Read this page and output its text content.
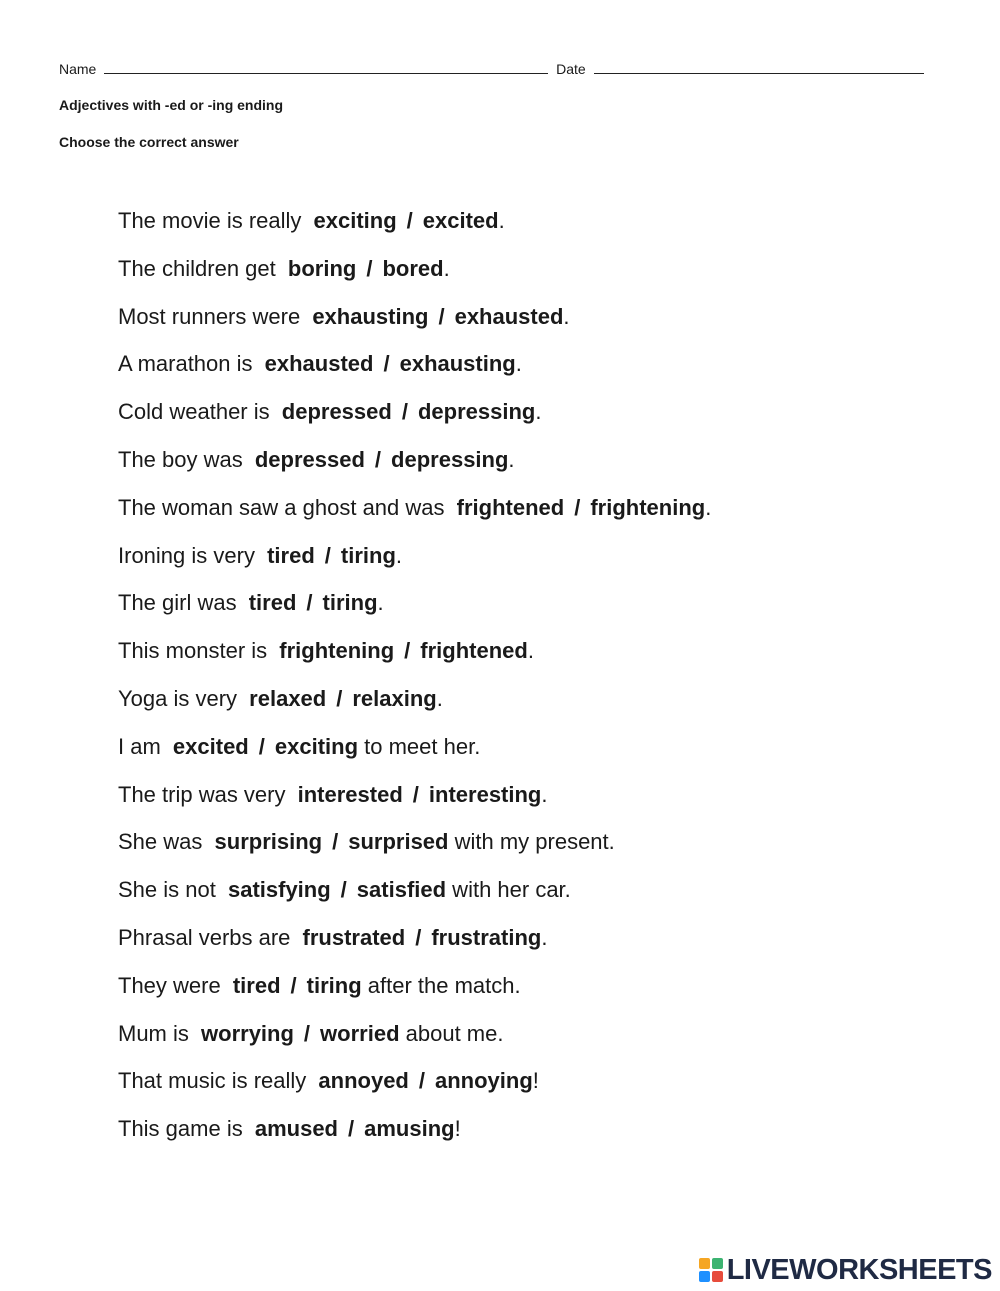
Name	Date
Adjectives with -ed or -ing ending
Choose the correct answer
The movie is really exciting / excited.
The children get boring / bored.
Most runners were exhausting / exhausted.
A marathon is exhausted / exhausting.
Cold weather is depressed / depressing.
The boy was depressed / depressing.
The woman saw a ghost and was frightened / frightening.
Ironing is very tired / tiring.
The girl was tired / tiring.
This monster is frightening / frightened.
Yoga is very relaxed / relaxing.
I am excited / exciting to meet her.
The trip was very interested / interesting.
She was surprising / surprised with my present.
She is not satisfying / satisfied with her car.
Phrasal verbs are frustrated / frustrating.
They were tired / tiring after the match.
Mum is worrying / worried about me.
That music is really annoyed / annoying!
This game is amused / amusing!
LIVEWORKSHEETS
